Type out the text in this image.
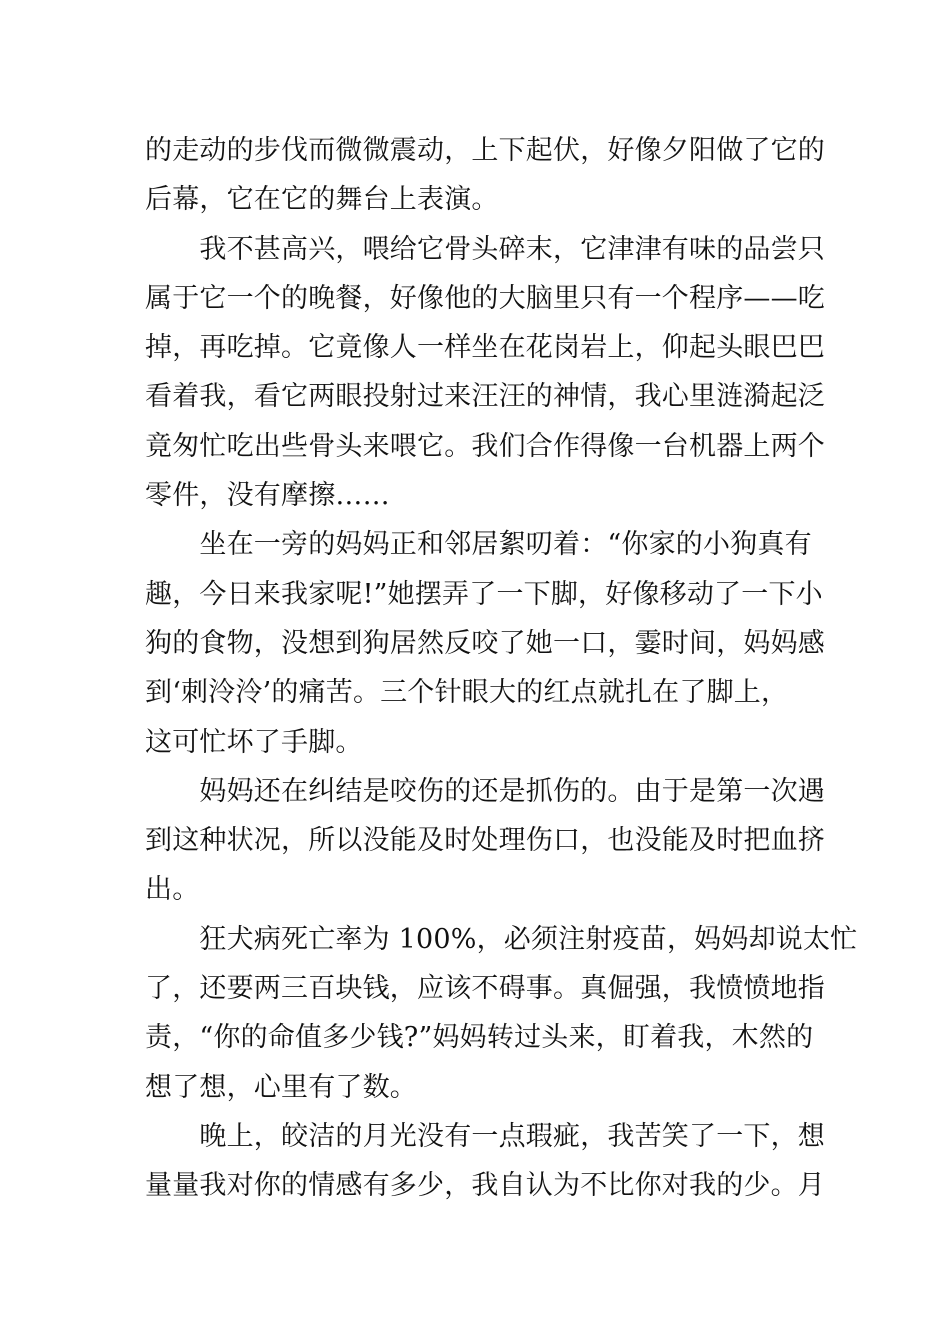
的走动的步伐而微微震动，上下起伏，好像夕阳做了它的
后幕，它在它的舞台上表演。
　　我不甚高兴，喂给它骨头碎末，它津津有味的品尝只
属于它一个的晚餐，好像他的大脑里只有一个程序——吃
掉，再吃掉。它竟像人一样坐在花岗岩上，仰起头眼巴巴
看着我，看它两眼投射过来汪汪的神情，我心里涟漪起泛
竟匆忙吃出些骨头来喂它。我们合作得像一台机器上两个
零件，没有摩擦……
　　坐在一旁的妈妈正和邻居絮叨着：“你家的小狗真有
趣，今日来我家呢!”她摆弄了一下脚，好像移动了一下小
狗的食物，没想到狗居然反咬了她一口，霎时间，妈妈感
到‘刺泠泠’的痛苦。三个针眼大的红点就扎在了脚上，
这可忙坏了手脚。
　　妈妈还在纠结是咬伤的还是抓伤的。由于是第一次遇
到这种状况，所以没能及时处理伤口，也没能及时把血挤
出。
　　狂犬病死亡率为 100%，必须注射疫苗，妈妈却说太忙
了，还要两三百块钱，应该不碍事。真倔强，我愤愤地指
责，“你的命值多少钱?”妈妈转过头来，盯着我，木然的
想了想，心里有了数。
　　晚上，皎洁的月光没有一点瑕疵，我苦笑了一下，想
量量我对你的情感有多少，我自认为不比你对我的少。月
